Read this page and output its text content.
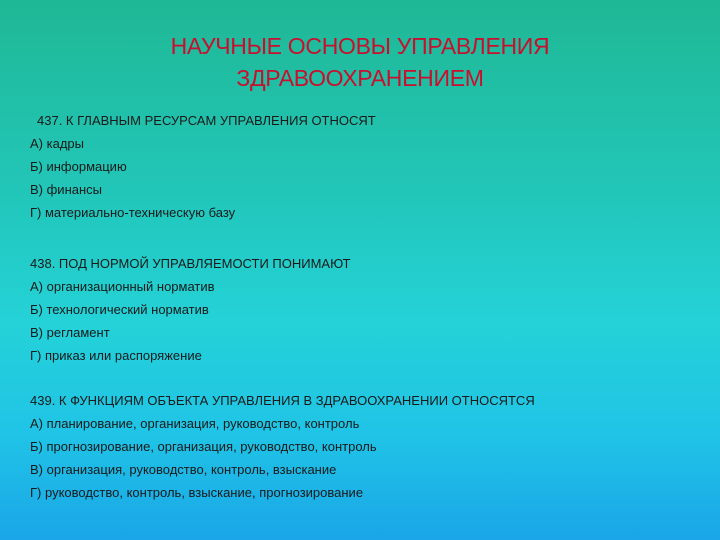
НАУЧНЫЕ ОСНОВЫ УПРАВЛЕНИЯ
ЗДРАВООХРАНЕНИЕМ
437. К ГЛАВНЫМ РЕСУРСАМ УПРАВЛЕНИЯ ОТНОСЯТ
А) кадры
Б) информацию
В) финансы
Г) материально-техническую базу
438. ПОД НОРМОЙ УПРАВЛЯЕМОСТИ ПОНИМАЮТ
А) организационный норматив
Б) технологический норматив
В) регламент
Г) приказ или распоряжение
439. К ФУНКЦИЯМ ОБЪЕКТА УПРАВЛЕНИЯ В ЗДРАВООХРАНЕНИИ ОТНОСЯТСЯ
А) планирование, организация, руководство, контроль
Б) прогнозирование, организация, руководство, контроль
В) организация, руководство, контроль, взыскание
Г) руководство, контроль, взыскание, прогнозирование
